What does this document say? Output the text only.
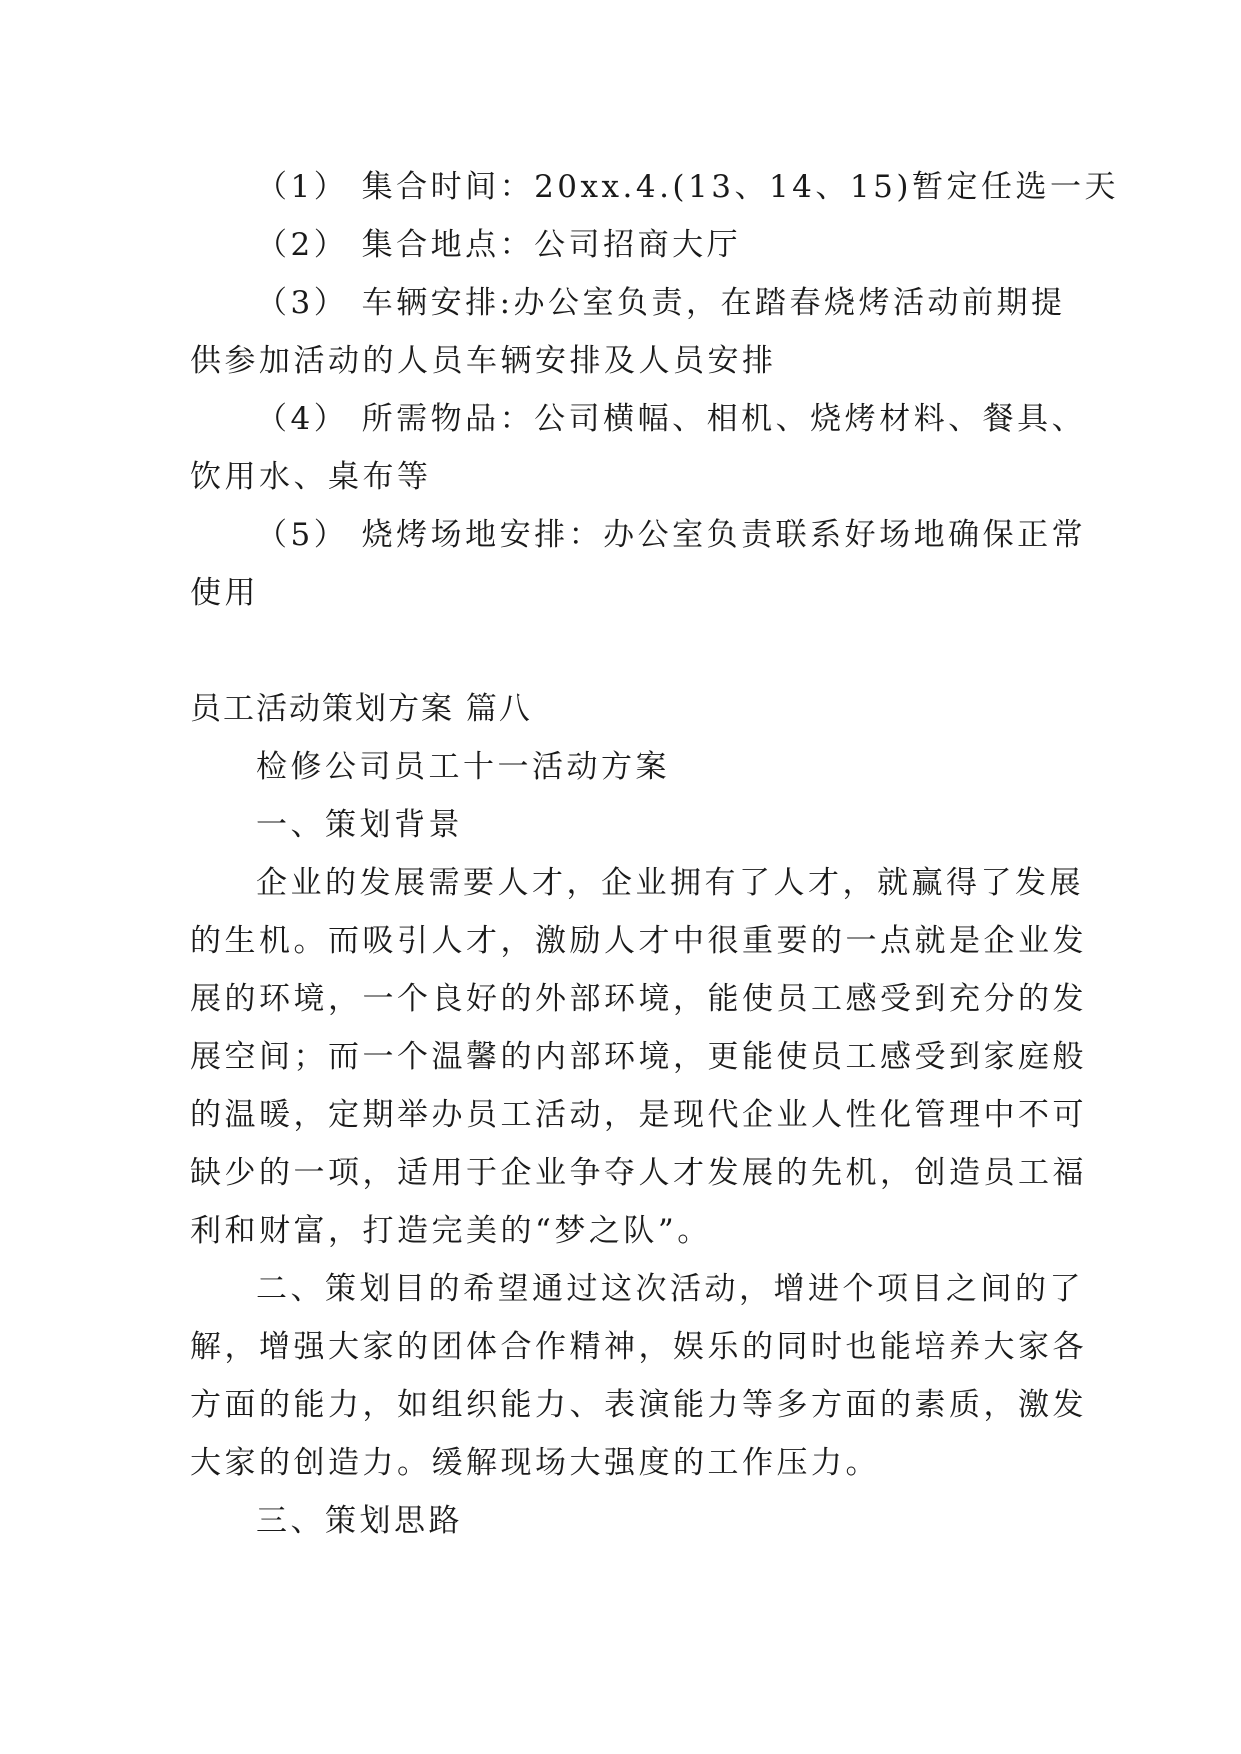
（1） 集合时间：20xx.4.(13、14、15)暂定任选一天
（2） 集合地点：公司招商大厅
（3） 车辆安排:办公室负责，在踏春烧烤活动前期提
供参加活动的人员车辆安排及人员安排
（4） 所需物品：公司横幅、相机、烧烤材料、餐具、
饮用水、桌布等
（5） 烧烤场地安排：办公室负责联系好场地确保正常
使用
员工活动策划方案 篇八
检修公司员工十一活动方案
一、策划背景
企业的发展需要人才，企业拥有了人才，就赢得了发展
的生机。而吸引人才，激励人才中很重要的一点就是企业发
展的环境，一个良好的外部环境，能使员工感受到充分的发
展空间；而一个温馨的内部环境，更能使员工感受到家庭般
的温暖，定期举办员工活动，是现代企业人性化管理中不可
缺少的一项，适用于企业争夺人才发展的先机，创造员工福
利和财富，打造完美的“梦之队”。
二、策划目的希望通过这次活动，增进个项目之间的了
解，增强大家的团体合作精神，娱乐的同时也能培养大家各
方面的能力，如组织能力、表演能力等多方面的素质，激发
大家的创造力。缓解现场大强度的工作压力。
三、策划思路
